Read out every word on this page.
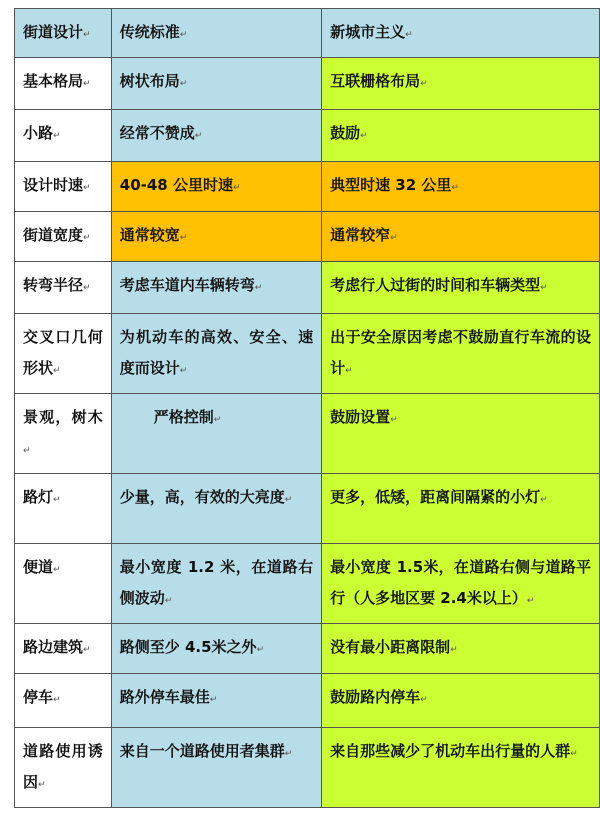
街道设计↵	传统标准↵	新城市主义↵
基本格局↵	树状布局↵	互联栅格布局↵
小路↵	经常不赞成↵	鼓励↵
设计时速↵	40-48 公里时速↵	典型时速 32 公里↵
街道宽度↵	通常较宽↵	通常较窄↵
转弯半径↵	考虑车道内车辆转弯↵	考虑行人过街的时间和车辆类型↵
交叉口几何形状↵	为机动车的高效、安全、速度而设计↵	出于安全原因考虑不鼓励直行车流的设计↵
景观，树木↵	严格控制↵	鼓励设置↵
路灯↵	少量，高，有效的大亮度↵	更多，低矮，距离间隔紧的小灯↵
便道↵	最小宽度 1.2 米，在道路右侧波动↵	最小宽度 1.5米，在道路右侧与道路平行（人多地区要 2.4米以上）↵
路边建筑↵	路侧至少 4.5米之外↵	没有最小距离限制↵
停车↵	路外停车最佳↵	鼓励路内停车↵
道路使用诱因↵	来自一个道路使用者集群↵	来自那些减少了机动车出行量的人群↵
